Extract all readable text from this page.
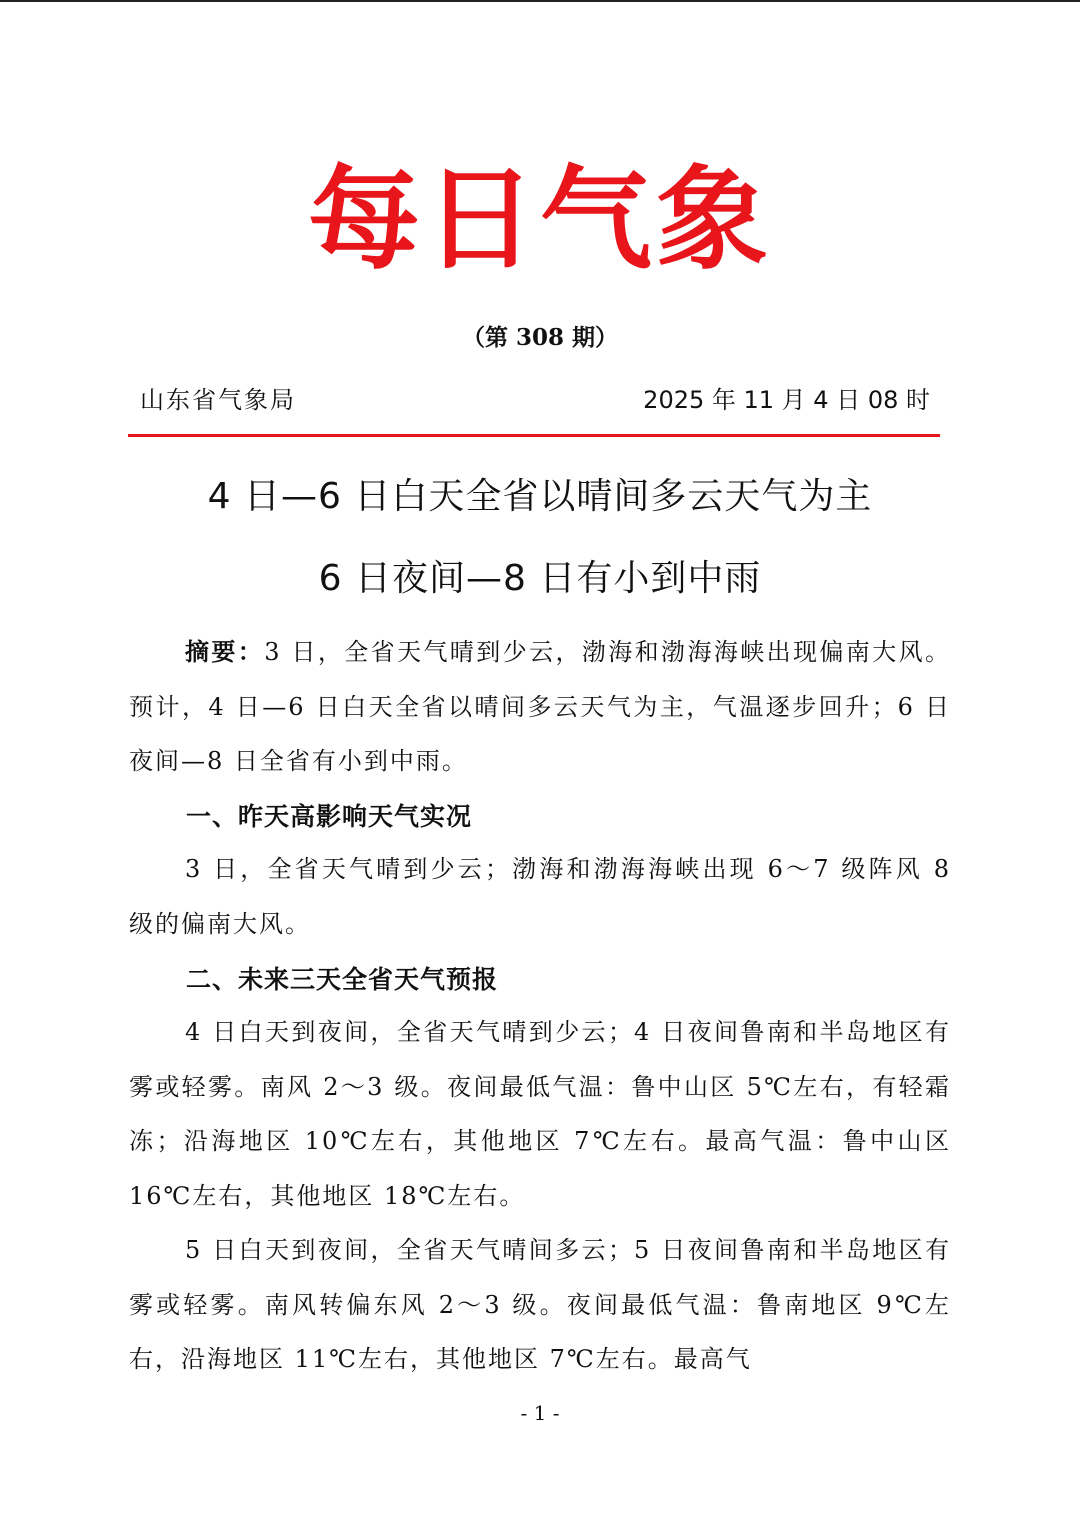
每日气象
（第 308 期）
山东省气象局	2025 年 11 月 4 日 08 时
4 日—6 日白天全省以晴间多云天气为主
6 日夜间—8 日有小到中雨
摘要：3 日，全省天气晴到少云，渤海和渤海海峡出现偏南大风。预计，4 日—6 日白天全省以晴间多云天气为主，气温逐步回升；6 日夜间—8 日全省有小到中雨。
一、昨天高影响天气实况
3 日，全省天气晴到少云；渤海和渤海海峡出现 6～7 级阵风 8 级的偏南大风。
二、未来三天全省天气预报
4 日白天到夜间，全省天气晴到少云；4 日夜间鲁南和半岛地区有雾或轻雾。南风 2～3 级。夜间最低气温：鲁中山区 5℃左右，有轻霜冻；沿海地区 10℃左右，其他地区 7℃左右。最高气温：鲁中山区 16℃左右，其他地区 18℃左右。
5 日白天到夜间，全省天气晴间多云；5 日夜间鲁南和半岛地区有雾或轻雾。南风转偏东风 2～3 级。夜间最低气温：鲁南地区 9℃左右，沿海地区 11℃左右，其他地区 7℃左右。最高气
- 1 -
